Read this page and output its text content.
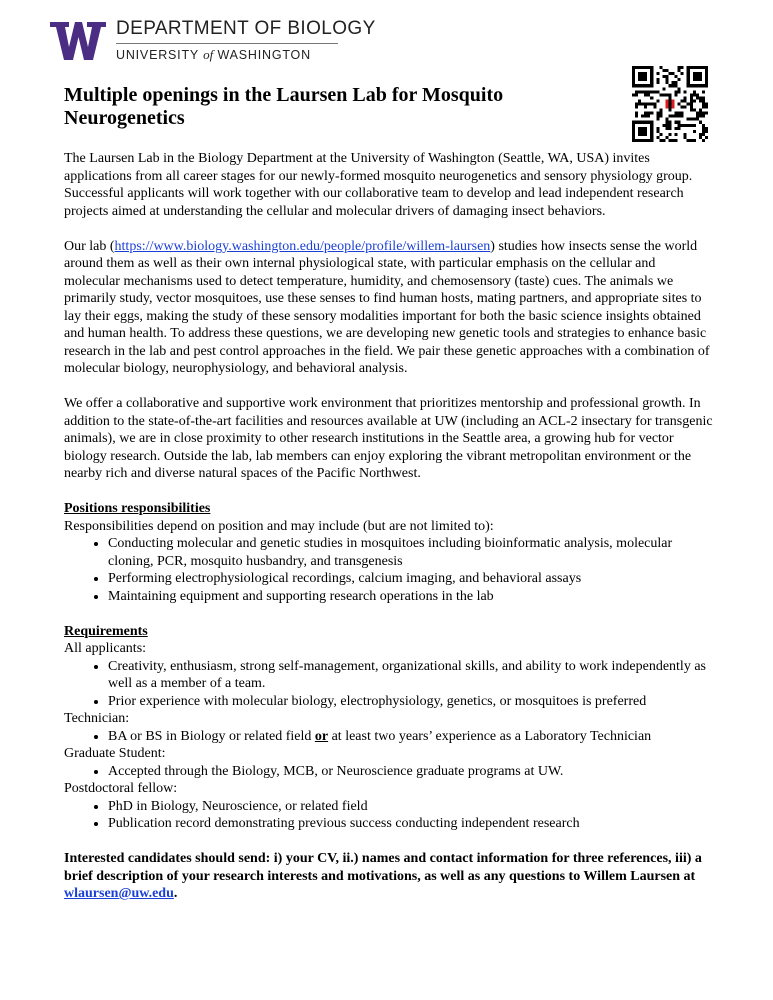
DEPARTMENT OF BIOLOGY
UNIVERSITY of WASHINGTON
Multiple openings in the Laursen Lab for Mosquito Neurogenetics

The Laursen Lab in the Biology Department at the University of Washington (Seattle, WA, USA) invites applications from all career stages for our newly-formed mosquito neurogenetics and sensory physiology group. Successful applicants will work together with our collaborative team to develop and lead independent research projects aimed at understanding the cellular and molecular drivers of damaging insect behaviors.

Our lab (https://www.biology.washington.edu/people/profile/willem-laursen) studies how insects sense the world around them as well as their own internal physiological state, with particular emphasis on the cellular and molecular mechanisms used to detect temperature, humidity, and chemosensory (taste) cues. The animals we primarily study, vector mosquitoes, use these senses to find human hosts, mating partners, and appropriate sites to lay their eggs, making the study of these sensory modalities important for both the basic science insights obtained and human health. To address these questions, we are developing new genetic tools and strategies to enhance basic research in the lab and pest control approaches in the field. We pair these genetic approaches with a combination of molecular biology, neurophysiology, and behavioral analysis.

We offer a collaborative and supportive work environment that prioritizes mentorship and professional growth. In addition to the state-of-the-art facilities and resources available at UW (including an ACL-2 insectary for transgenic animals), we are in close proximity to other research institutions in the Seattle area, a growing hub for vector biology research. Outside the lab, lab members can enjoy exploring the vibrant metropolitan environment or the nearby rich and diverse natural spaces of the Pacific Northwest.

Positions responsibilities
Responsibilities depend on position and may include (but are not limited to):
• Conducting molecular and genetic studies in mosquitoes including bioinformatic analysis, molecular cloning, PCR, mosquito husbandry, and transgenesis
• Performing electrophysiological recordings, calcium imaging, and behavioral assays
• Maintaining equipment and supporting research operations in the lab
Requirements
All applicants:
• Creativity, enthusiasm, strong self-management, organizational skills, and ability to work independently as well as a member of a team.
• Prior experience with molecular biology, electrophysiology, genetics, or mosquitoes is preferred
Technician:
• BA or BS in Biology or related field or at least two years’ experience as a Laboratory Technician
Graduate Student:
• Accepted through the Biology, MCB, or Neuroscience graduate programs at UW.
Postdoctoral fellow:
• PhD in Biology, Neuroscience, or related field
• Publication record demonstrating previous success conducting independent research
Interested candidates should send: i) your CV, ii.) names and contact information for three references, iii) a brief description of your research interests and motivations, as well as any questions to Willem Laursen at wlaursen@uw.edu.
